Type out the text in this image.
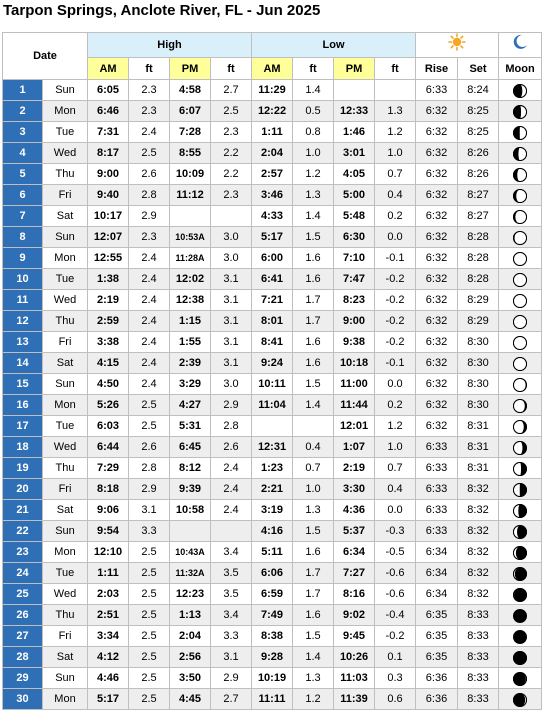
Tarpon Springs, Anclote River, FL - Jun 2025
Date		High				Low		
		AM	ft	PM	ft	AM	ft	PM	ft	Rise	Set	Moon
1	Sun	6:05	2.3	4:58	2.7	11:29	1.4			6:33	8:24	

2	Mon	6:46	2.3	6:07	2.5	12:22	0.5	12:33	1.3	6:32	8:25	

3	Tue	7:31	2.4	7:28	2.3	1:11	0.8	1:46	1.2	6:32	8:25	

4	Wed	8:17	2.5	8:55	2.2	2:04	1.0	3:01	1.0	6:32	8:26	

5	Thu	9:00	2.6	10:09	2.2	2:57	1.2	4:05	0.7	6:32	8:26	

6	Fri	9:40	2.8	11:12	2.3	3:46	1.3	5:00	0.4	6:32	8:27	

7	Sat	10:17	2.9			4:33	1.4	5:48	0.2	6:32	8:27	

8	Sun	12:07	2.3	10:53A	3.0	5:17	1.5	6:30	0.0	6:32	8:28	

9	Mon	12:55	2.4	11:28A	3.0	6:00	1.6	7:10	-0.1	6:32	8:28	

10	Tue	1:38	2.4	12:02	3.1	6:41	1.6	7:47	-0.2	6:32	8:28	

11	Wed	2:19	2.4	12:38	3.1	7:21	1.7	8:23	-0.2	6:32	8:29	

12	Thu	2:59	2.4	1:15	3.1	8:01	1.7	9:00	-0.2	6:32	8:29	

13	Fri	3:38	2.4	1:55	3.1	8:41	1.6	9:38	-0.2	6:32	8:30	

14	Sat	4:15	2.4	2:39	3.1	9:24	1.6	10:18	-0.1	6:32	8:30	

15	Sun	4:50	2.4	3:29	3.0	10:11	1.5	11:00	0.0	6:32	8:30	

16	Mon	5:26	2.5	4:27	2.9	11:04	1.4	11:44	0.2	6:32	8:30	

17	Tue	6:03	2.5	5:31	2.8			12:01	1.2	6:32	8:31	

18	Wed	6:44	2.6	6:45	2.6	12:31	0.4	1:07	1.0	6:33	8:31	

19	Thu	7:29	2.8	8:12	2.4	1:23	0.7	2:19	0.7	6:33	8:31	

20	Fri	8:18	2.9	9:39	2.4	2:21	1.0	3:30	0.4	6:33	8:32	

21	Sat	9:06	3.1	10:58	2.4	3:19	1.3	4:36	0.0	6:33	8:32	

22	Sun	9:54	3.3			4:16	1.5	5:37	-0.3	6:33	8:32	

23	Mon	12:10	2.5	10:43A	3.4	5:11	1.6	6:34	-0.5	6:34	8:32	

24	Tue	1:11	2.5	11:32A	3.5	6:06	1.7	7:27	-0.6	6:34	8:32	

25	Wed	2:03	2.5	12:23	3.5	6:59	1.7	8:16	-0.6	6:34	8:32	

26	Thu	2:51	2.5	1:13	3.4	7:49	1.6	9:02	-0.4	6:35	8:33	

27	Fri	3:34	2.5	2:04	3.3	8:38	1.5	9:45	-0.2	6:35	8:33	

28	Sat	4:12	2.5	2:56	3.1	9:28	1.4	10:26	0.1	6:35	8:33	

29	Sun	4:46	2.5	3:50	2.9	10:19	1.3	11:03	0.3	6:36	8:33	

30	Mon	5:17	2.5	4:45	2.7	11:11	1.2	11:39	0.6	6:36	8:33	
